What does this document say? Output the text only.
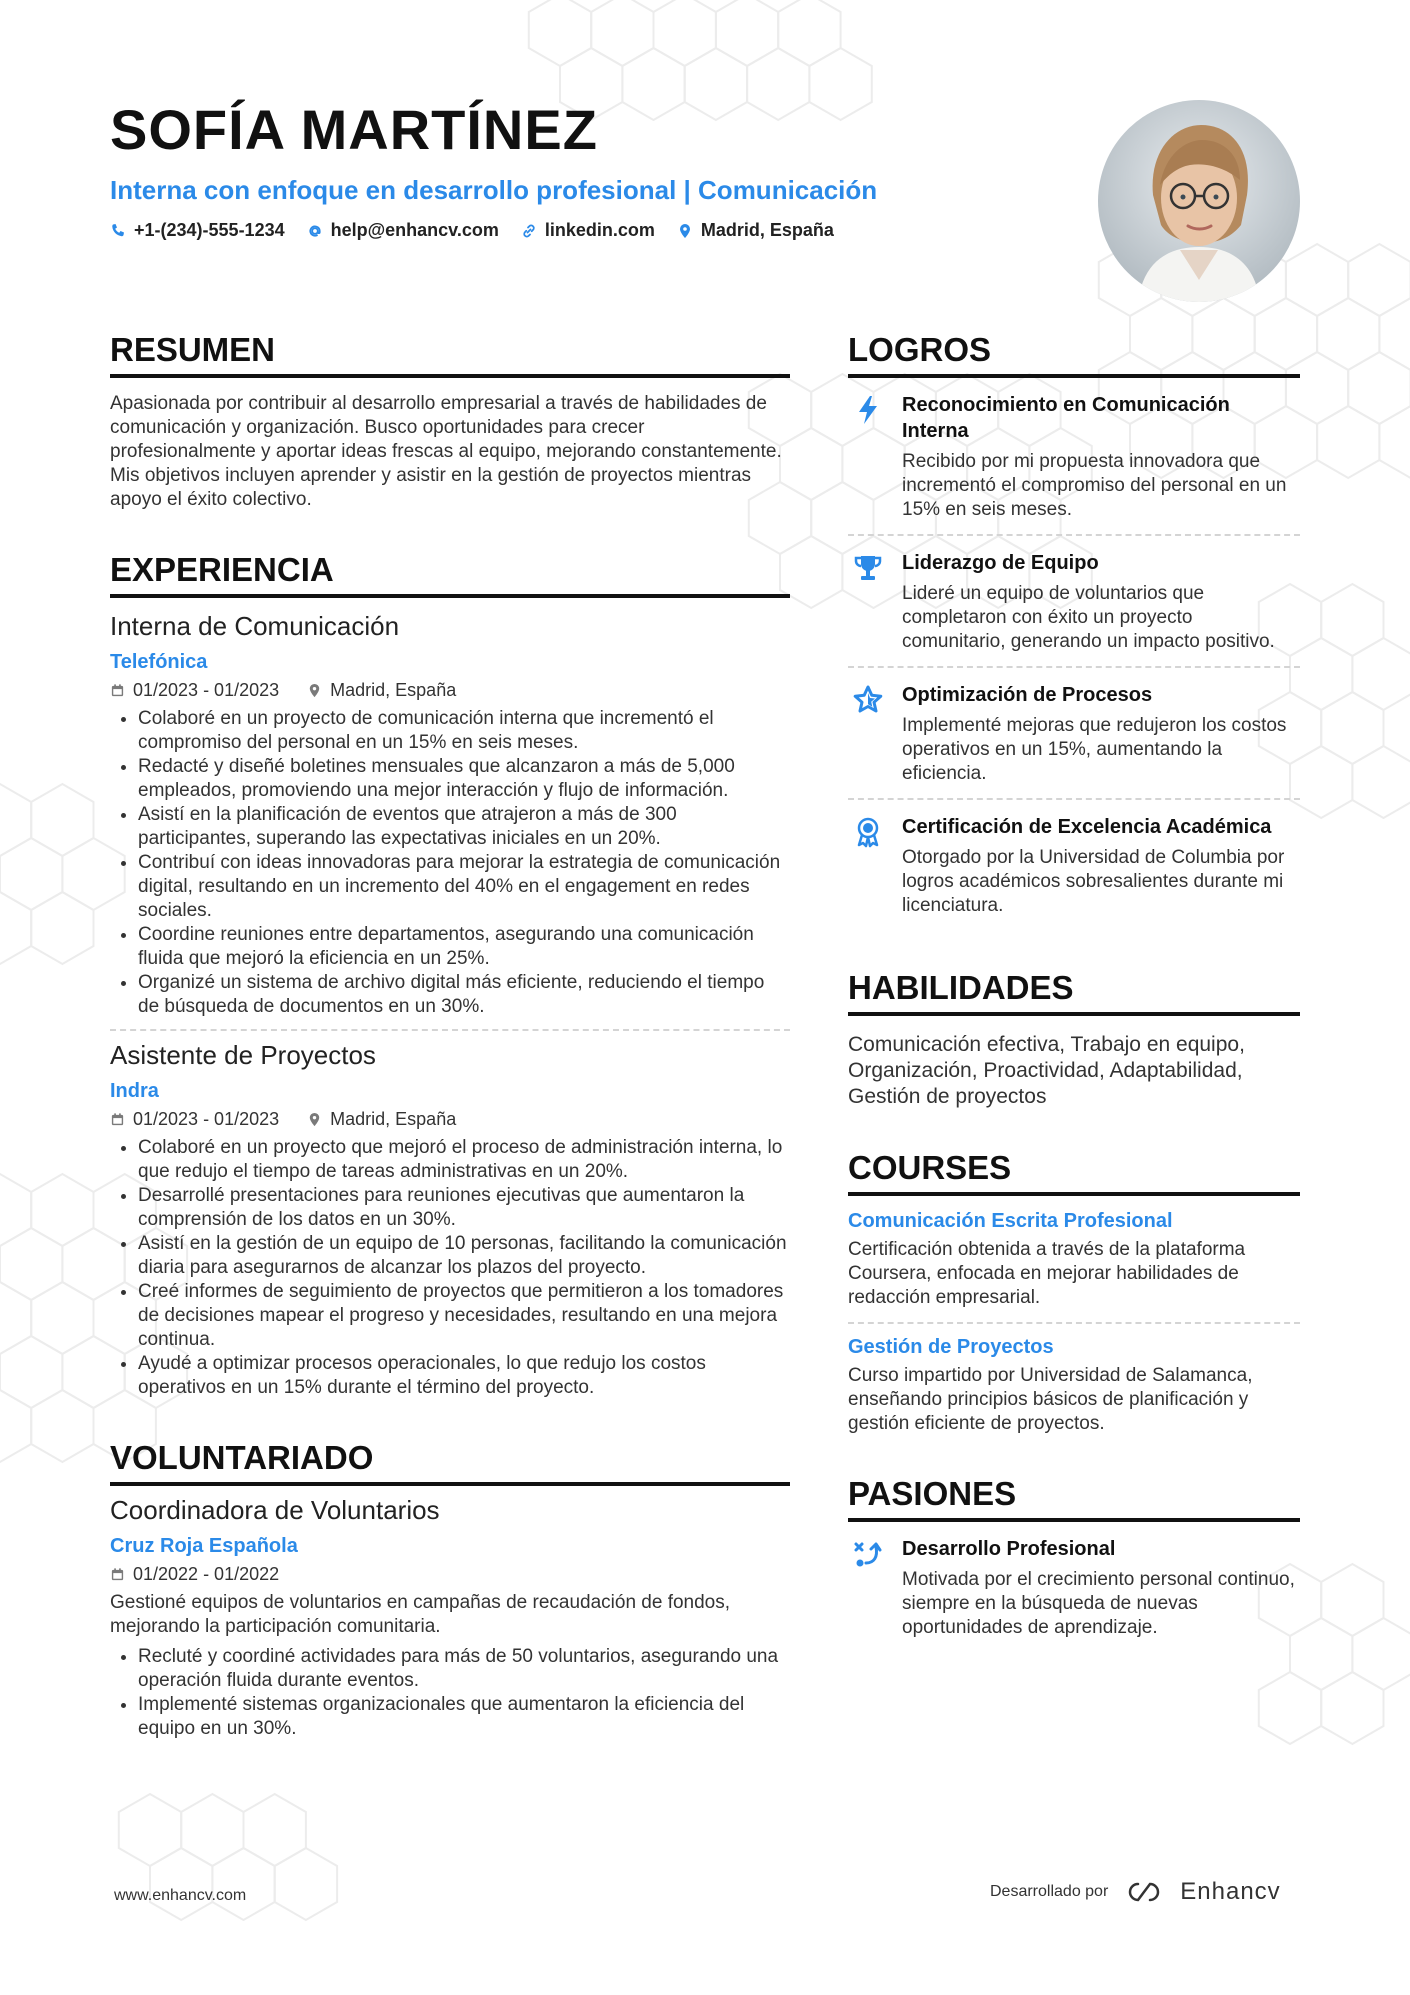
SOFÍA MARTÍNEZ
Interna con enfoque en desarrollo profesional | Comunicación
+1-(234)-555-1234	help@enhancv.com	linkedin.com	Madrid, España
RESUMEN
Apasionada por contribuir al desarrollo empresarial a través de habilidades de comunicación y organización. Busco oportunidades para crecer profesionalmente y aportar ideas frescas al equipo, mejorando constantemente. Mis objetivos incluyen aprender y asistir en la gestión de proyectos mientras apoyo el éxito colectivo.
EXPERIENCIA
Interna de Comunicación
Telefónica
01/2023 - 01/2023	Madrid, España
• Colaboré en un proyecto de comunicación interna que incrementó el compromiso del personal en un 15% en seis meses.
• Redacté y diseñé boletines mensuales que alcanzaron a más de 5,000 empleados, promoviendo una mejor interacción y flujo de información.
• Asistí en la planificación de eventos que atrajeron a más de 300 participantes, superando las expectativas iniciales en un 20%.
• Contribuí con ideas innovadoras para mejorar la estrategia de comunicación digital, resultando en un incremento del 40% en el engagement en redes sociales.
• Coordine reuniones entre departamentos, asegurando una comunicación fluida que mejoró la eficiencia en un 25%.
• Organizé un sistema de archivo digital más eficiente, reduciendo el tiempo de búsqueda de documentos en un 30%.
Asistente de Proyectos
Indra
01/2023 - 01/2023	Madrid, España
• Colaboré en un proyecto que mejoró el proceso de administración interna, lo que redujo el tiempo de tareas administrativas en un 20%.
• Desarrollé presentaciones para reuniones ejecutivas que aumentaron la comprensión de los datos en un 30%.
• Asistí en la gestión de un equipo de 10 personas, facilitando la comunicación diaria para asegurarnos de alcanzar los plazos del proyecto.
• Creé informes de seguimiento de proyectos que permitieron a los tomadores de decisiones mapear el progreso y necesidades, resultando en una mejora continua.
• Ayudé a optimizar procesos operacionales, lo que redujo los costos operativos en un 15% durante el término del proyecto.
VOLUNTARIADO
Coordinadora de Voluntarios
Cruz Roja Española
01/2022 - 01/2022
Gestioné equipos de voluntarios en campañas de recaudación de fondos, mejorando la participación comunitaria.
• Recluté y coordiné actividades para más de 50 voluntarios, asegurando una operación fluida durante eventos.
• Implementé sistemas organizacionales que aumentaron la eficiencia del equipo en un 30%.
LOGROS
Reconocimiento en Comunicación Interna
Recibido por mi propuesta innovadora que incrementó el compromiso del personal en un 15% en seis meses.
Liderazgo de Equipo
Lideré un equipo de voluntarios que completaron con éxito un proyecto comunitario, generando un impacto positivo.
Optimización de Procesos
Implementé mejoras que redujeron los costos operativos en un 15%, aumentando la eficiencia.
Certificación de Excelencia Académica
Otorgado por la Universidad de Columbia por logros académicos sobresalientes durante mi licenciatura.
HABILIDADES
Comunicación efectiva, Trabajo en equipo, Organización, Proactividad, Adaptabilidad, Gestión de proyectos
COURSES
Comunicación Escrita Profesional
Certificación obtenida a través de la plataforma Coursera, enfocada en mejorar habilidades de redacción empresarial.
Gestión de Proyectos
Curso impartido por Universidad de Salamanca, enseñando principios básicos de planificación y gestión eficiente de proyectos.
PASIONES
Desarrollo Profesional
Motivada por el crecimiento personal continuo, siempre en la búsqueda de nuevas oportunidades de aprendizaje.
www.enhancv.com	Desarrollado por	Enhancv
